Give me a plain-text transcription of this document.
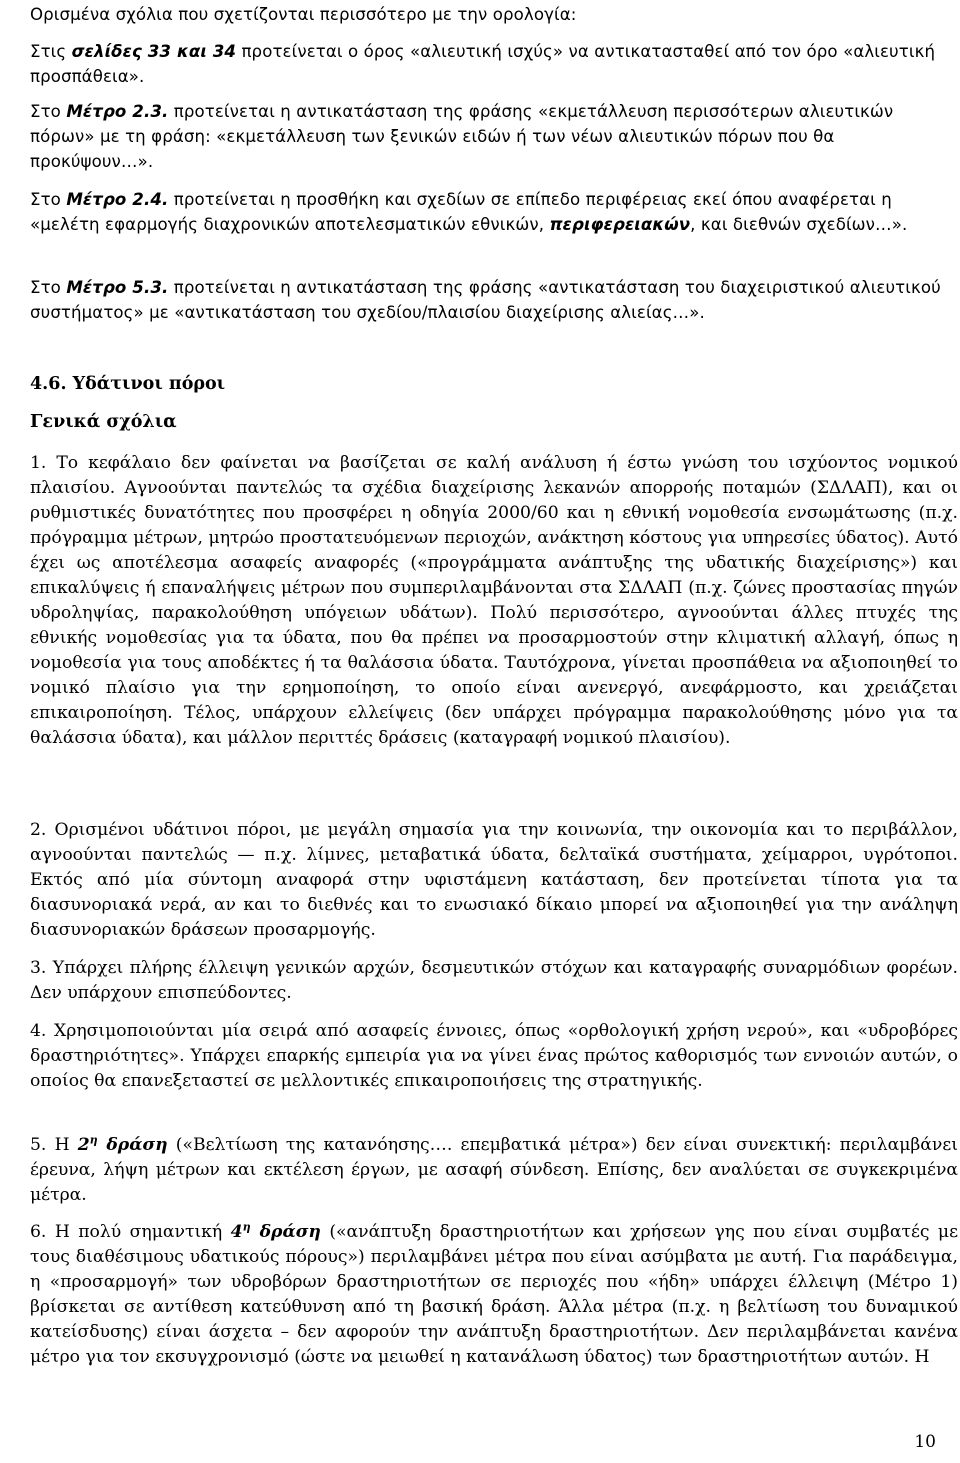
Ορισμένα σχόλια που σχετίζονται περισσότερο με την ορολογία:

Στις σελίδες 33 και 34 προτείνεται ο όρος «αλιευτική ισχύς» να αντικατασταθεί από τον όρο «αλιευτική προσπάθεια».

Στο Μέτρο 2.3. προτείνεται η αντικατάσταση της φράσης «εκμετάλλευση περισσότερων αλιευτικών πόρων» με τη φράση: «εκμετάλλευση των ξενικών ειδών ή των νέων αλιευτικών πόρων που θα προκύψουν…».

Στο Μέτρο 2.4. προτείνεται η προσθήκη και σχεδίων σε επίπεδο περιφέρειας εκεί όπου αναφέρεται η «μελέτη εφαρμογής διαχρονικών αποτελεσματικών εθνικών, περιφερειακών, και διεθνών σχεδίων…».

Στο Μέτρο 5.3. προτείνεται η αντικατάσταση της φράσης «αντικατάσταση του διαχειριστικού αλιευτικού συστήματος» με «αντικατάσταση του σχεδίου/πλαισίου διαχείρισης αλιείας…».

4.6. Υδάτινοι πόροι
Γενικά σχόλια
1. Το κεφάλαιο δεν φαίνεται να βασίζεται σε καλή ανάλυση ή έστω γνώση του ισχύοντος νομικού πλαισίου. Αγνοούνται παντελώς τα σχέδια διαχείρισης λεκανών απορροής ποταμών (ΣΔΛΑΠ), και οι ρυθμιστικές δυνατότητες που προσφέρει η οδηγία 2000/60 και η εθνική νομοθεσία ενσωμάτωσης (π.χ. πρόγραμμα μέτρων, μητρώο προστατευόμενων περιοχών, ανάκτηση κόστους για υπηρεσίες ύδατος). Αυτό έχει ως αποτέλεσμα ασαφείς αναφορές («προγράμματα ανάπτυξης της υδατικής διαχείρισης») και επικαλύψεις ή επαναλήψεις μέτρων που συμπεριλαμβάνονται στα ΣΔΛΑΠ (π.χ. ζώνες προστασίας πηγών υδροληψίας, παρακολούθηση υπόγειων υδάτων). Πολύ περισσότερο, αγνοούνται άλλες πτυχές της εθνικής νομοθεσίας για τα ύδατα, που θα πρέπει να προσαρμοστούν στην κλιματική αλλαγή, όπως η νομοθεσία για τους αποδέκτες ή τα θαλάσσια ύδατα. Ταυτόχρονα, γίνεται προσπάθεια να αξιοποιηθεί το νομικό πλαίσιο για την ερημοποίηση, το οποίο είναι ανενεργό, ανεφάρμοστο, και χρειάζεται επικαιροποίηση. Τέλος, υπάρχουν ελλείψεις (δεν υπάρχει πρόγραμμα παρακολούθησης μόνο για τα θαλάσσια ύδατα), και μάλλον περιττές δράσεις (καταγραφή νομικού πλαισίου).
2. Ορισμένοι υδάτινοι πόροι, με μεγάλη σημασία για την κοινωνία, την οικονομία και το περιβάλλον, αγνοούνται παντελώς — π.χ. λίμνες, μεταβατικά ύδατα, δελταϊκά συστήματα, χείμαρροι, υγρότοποι. Εκτός από μία σύντομη αναφορά στην υφιστάμενη κατάσταση, δεν προτείνεται τίποτα για τα διασυνοριακά νερά, αν και το διεθνές και το ενωσιακό δίκαιο μπορεί να αξιοποιηθεί για την ανάληψη διασυνοριακών δράσεων προσαρμογής.
3. Υπάρχει πλήρης έλλειψη γενικών αρχών, δεσμευτικών στόχων και καταγραφής συναρμόδιων φορέων. Δεν υπάρχουν επισπεύδοντες.
4. Χρησιμοποιούνται μία σειρά από ασαφείς έννοιες, όπως «ορθολογική χρήση νερού», και «υδροβόρες δραστηριότητες». Υπάρχει επαρκής εμπειρία για να γίνει ένας πρώτος καθορισμός των εννοιών αυτών, ο οποίος θα επανεξεταστεί σε μελλοντικές επικαιροποιήσεις της στρατηγικής.
5. Η $2^\eta$ δράση («Βελτίωση της κατανόησης…. επεμβατικά μέτρα») δεν είναι συνεκτική: περιλαμβάνει έρευνα, λήψη μέτρων και εκτέλεση έργων, με ασαφή σύνδεση. Επίσης, δεν αναλύεται σε συγκεκριμένα μέτρα.
6. Η πολύ σημαντική $4^\eta$ δράση («ανάπτυξη δραστηριοτήτων και χρήσεων γης που είναι συμβατές με τους διαθέσιμους υδατικούς πόρους») περιλαμβάνει μέτρα που είναι ασύμβατα με αυτή. Για παράδειγμα, η «προσαρμογή» των υδροβόρων δραστηριοτήτων σε περιοχές που «ήδη» υπάρχει έλλειψη (Μέτρο 1) βρίσκεται σε αντίθεση κατεύθυνση από τη βασική δράση. Άλλα μέτρα (π.χ. η βελτίωση του δυναμικού κατείσδυσης) είναι άσχετα – δεν αφορούν την ανάπτυξη δραστηριοτήτων. Δεν περιλαμβάνεται κανένα μέτρο για τον εκσυγχρονισμό (ώστε να μειωθεί η κατανάλωση ύδατος) των δραστηριοτήτων αυτών. Η
10
